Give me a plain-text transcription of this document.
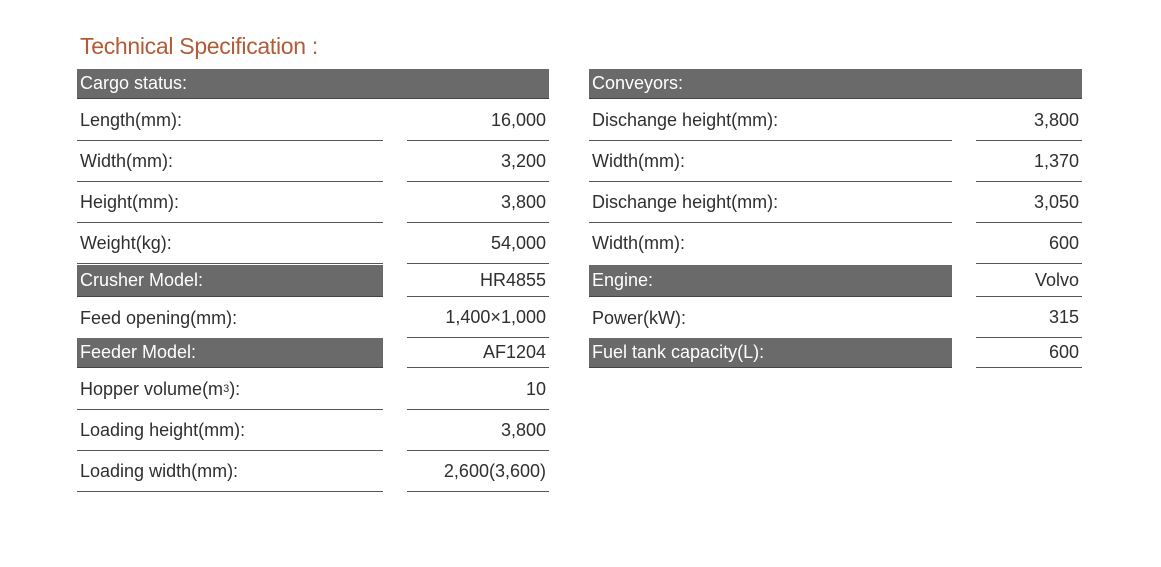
Technical Specification :
Cargo status:
Length(mm):	16,000
Width(mm):	3,200
Height(mm):	3,800
Weight(kg):	54,000
Crusher Model:	HR4855
Feed opening(mm):	1,400×1,000
Feeder Model:	AF1204
Hopper volume(m 3 ):	10
Loading height(mm):	3,800
Loading width(mm):	2,600(3,600)
Conveyors:
Dischange height(mm):	3,800
Width(mm):	1,370
Dischange height(mm):	3,050
Width(mm):	600
Engine:	Volvo
Power(kW):	315
Fuel tank capacity(L):	600
